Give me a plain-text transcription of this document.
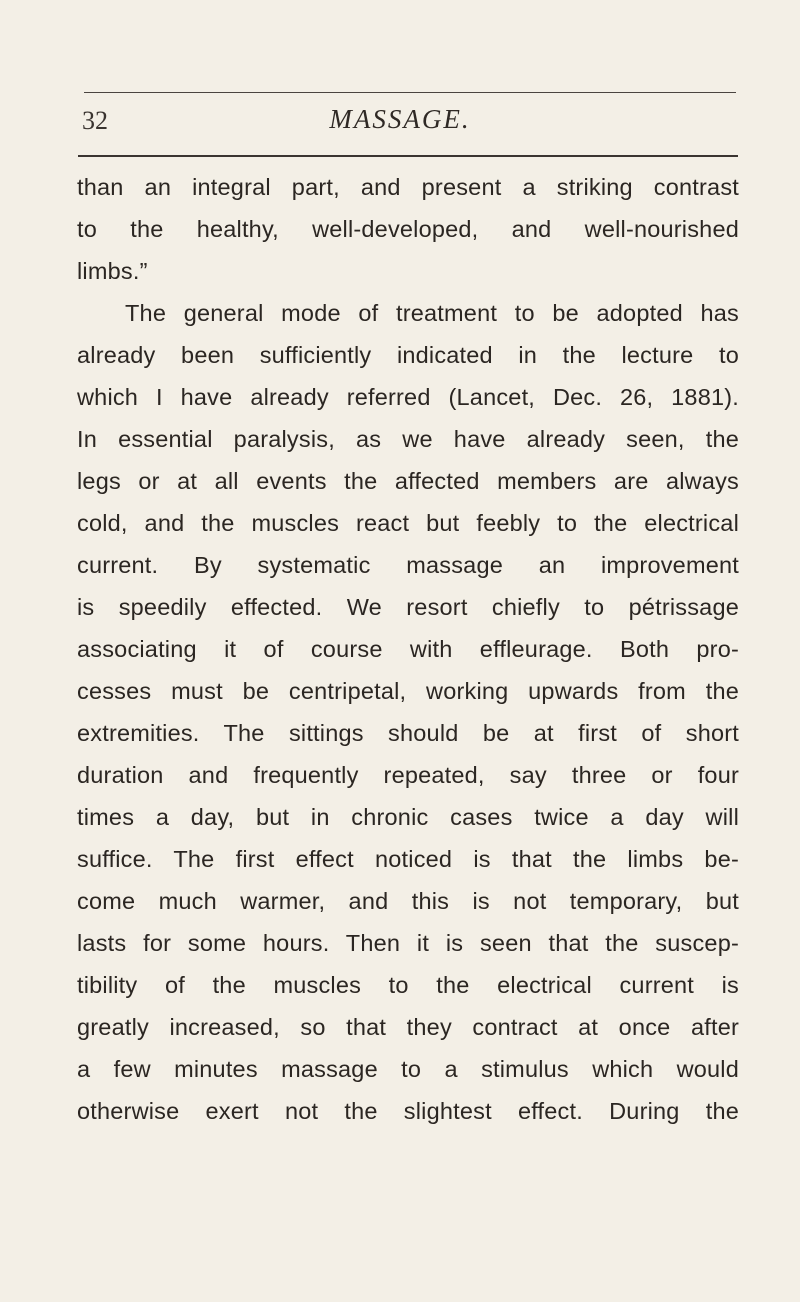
32	MASSAGE.
than an integral part, and present a striking contrast
to the healthy, well-developed, and well-nourished
limbs.”
The general mode of treatment to be adopted has
already been sufficiently indicated in the lecture to
which I have already referred (Lancet, Dec. 26, 1881).
In essential paralysis, as we have already seen, the
legs or at all events the affected members are always
cold, and the muscles react but feebly to the electrical
current. By systematic massage an improvement
is speedily effected. We resort chiefly to pétrissage
associating it of course with effleurage. Both pro-
cesses must be centripetal, working upwards from the
extremities. The sittings should be at first of short
duration and frequently repeated, say three or four
times a day, but in chronic cases twice a day will
suffice. The first effect noticed is that the limbs be-
come much warmer, and this is not temporary, but
lasts for some hours. Then it is seen that the suscep-
tibility of the muscles to the electrical current is
greatly increased, so that they contract at once after
a few minutes massage to a stimulus which would
otherwise exert not the slightest effect. During the
